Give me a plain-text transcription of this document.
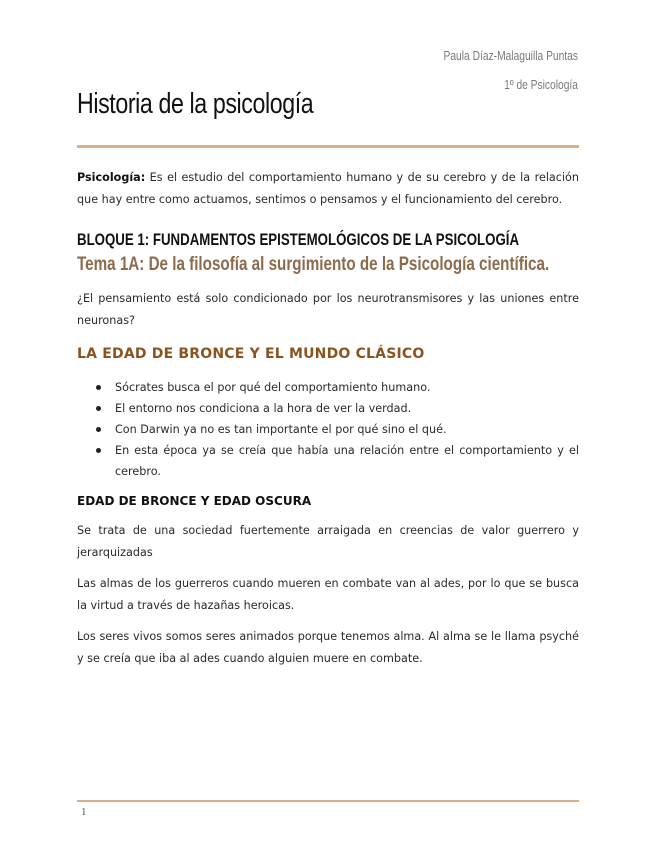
Paula Díaz-Malaguilla Puntas
1º de Psicología
Historia de la psicología

Psicología: Es el estudio del comportamiento humano y de su cerebro y de la relación que hay entre como actuamos, sentimos o pensamos y el funcionamiento del cerebro.

BLOQUE 1: FUNDAMENTOS EPISTEMOLÓGICOS DE LA PSICOLOGÍA
Tema 1A: De la filosofía al surgimiento de la Psicología científica.

¿El pensamiento está solo condicionado por los neurotransmisores y las uniones entre neuronas?

LA EDAD DE BRONCE Y EL MUNDO CLÁSICO
Sócrates busca el por qué del comportamiento humano.
El entorno nos condiciona a la hora de ver la verdad.
Con Darwin ya no es tan importante el por qué sino el qué.
En esta época ya se creía que había una relación entre el comportamiento y el cerebro.
EDAD DE BRONCE Y EDAD OSCURA

Se trata de una sociedad fuertemente arraigada en creencias de valor guerrero y jerarquizadas

Las almas de los guerreros cuando mueren en combate van al ades, por lo que se busca la virtud a través de hazañas heroicas.

Los seres vivos somos seres animados porque tenemos alma. Al alma se le llama psyché y se creía que iba al ades cuando alguien muere en combate.

1
